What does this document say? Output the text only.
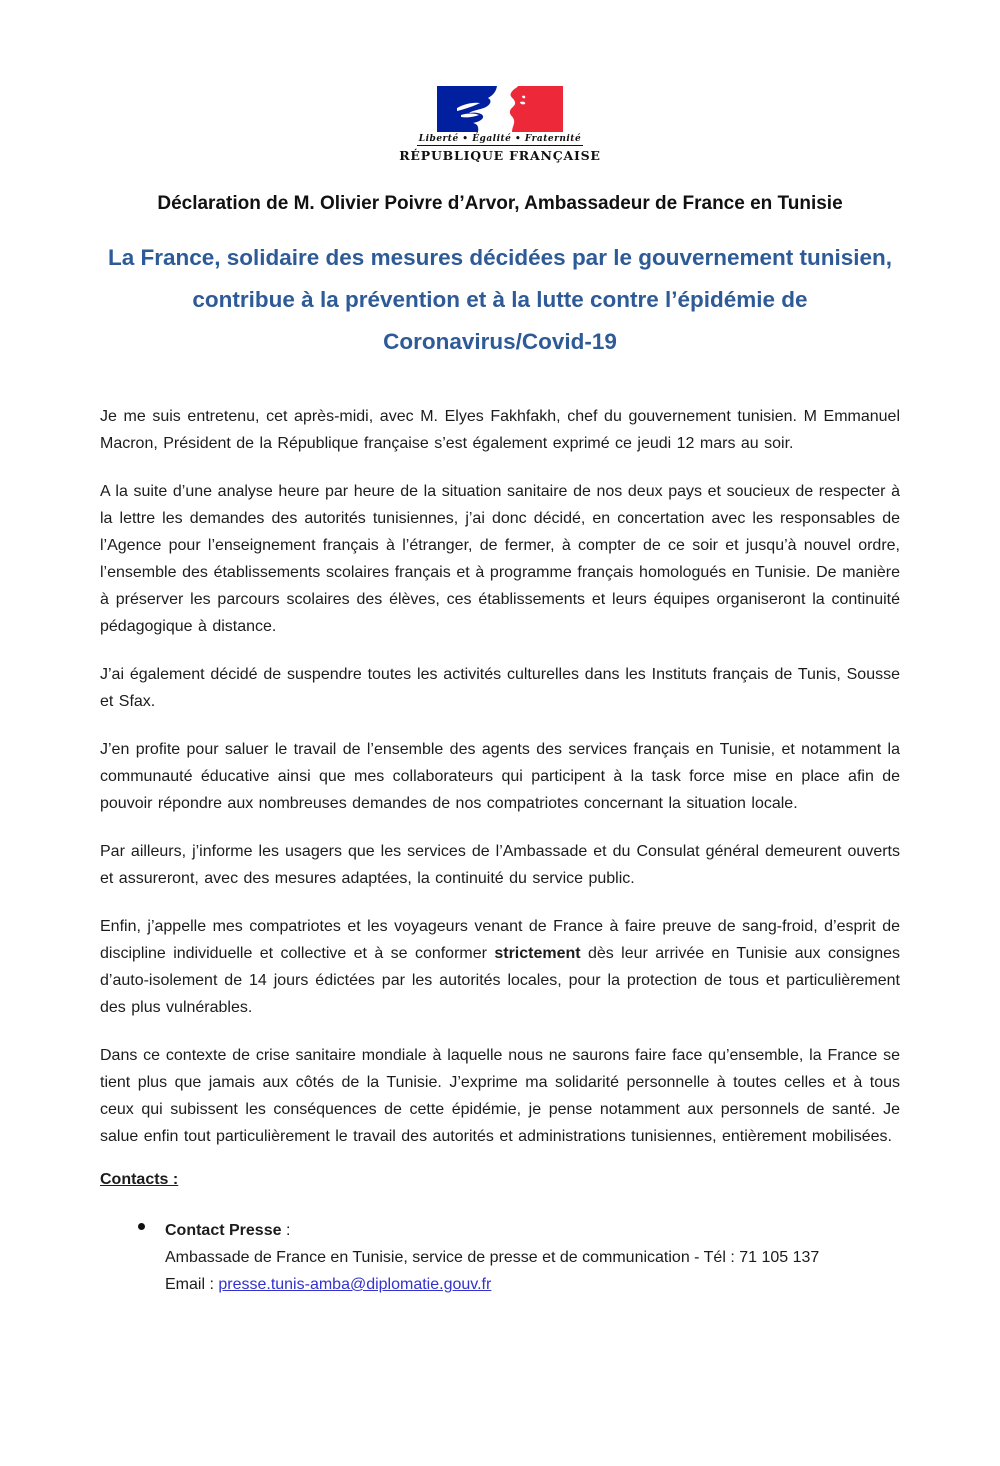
Liberté • Égalité • Fraternité
RÉPUBLIQUE FRANÇAISE
Déclaration de M. Olivier Poivre d’Arvor, Ambassadeur de France en Tunisie
La France, solidaire des mesures décidées par le gouvernement tunisien, contribue à la prévention et à la lutte contre l’épidémie de Coronavirus/Covid-19

Je me suis entretenu, cet après-midi, avec M. Elyes Fakhfakh, chef du gouvernement tunisien. M Emmanuel Macron, Président de la République française s’est également exprimé ce jeudi 12 mars au soir.

A la suite d’une analyse heure par heure de la situation sanitaire de nos deux pays et soucieux de respecter à la lettre les demandes des autorités tunisiennes, j’ai donc décidé, en concertation avec les responsables de l’Agence pour l’enseignement français à l’étranger, de fermer, à compter de ce soir et jusqu’à nouvel ordre, l’ensemble des établissements scolaires français et à programme français homologués en Tunisie. De manière à préserver les parcours scolaires des élèves, ces établissements et leurs équipes organiseront la continuité pédagogique à distance.

J’ai également décidé de suspendre toutes les activités culturelles dans les Instituts français de Tunis, Sousse et Sfax.

J’en profite pour saluer le travail de l’ensemble des agents des services français en Tunisie, et notamment la communauté éducative ainsi que mes collaborateurs qui participent à la task force mise en place afin de pouvoir répondre aux nombreuses demandes de nos compatriotes concernant la situation locale.

Par ailleurs, j’informe les usagers que les services de l’Ambassade et du Consulat général demeurent ouverts et assureront, avec des mesures adaptées, la continuité du service public.

Enfin, j’appelle mes compatriotes et les voyageurs venant de France à faire preuve de sang-froid, d’esprit de discipline individuelle et collective et à se conformer strictement dès leur arrivée en Tunisie aux consignes d’auto-isolement de 14 jours édictées par les autorités locales, pour la protection de tous et particulièrement des plus vulnérables.

Dans ce contexte de crise sanitaire mondiale à laquelle nous ne saurons faire face qu’ensemble, la France se tient plus que jamais aux côtés de la Tunisie. J’exprime ma solidarité personnelle à toutes celles et à tous ceux qui subissent les conséquences de cette épidémie, je pense notamment aux personnels de santé. Je salue enfin tout particulièrement le travail des autorités et administrations tunisiennes, entièrement mobilisées.

Contacts :
Contact Presse :
Ambassade de France en Tunisie, service de presse et de communication - Tél : 71 105 137
Email : presse.tunis-amba@diplomatie.gouv.fr
